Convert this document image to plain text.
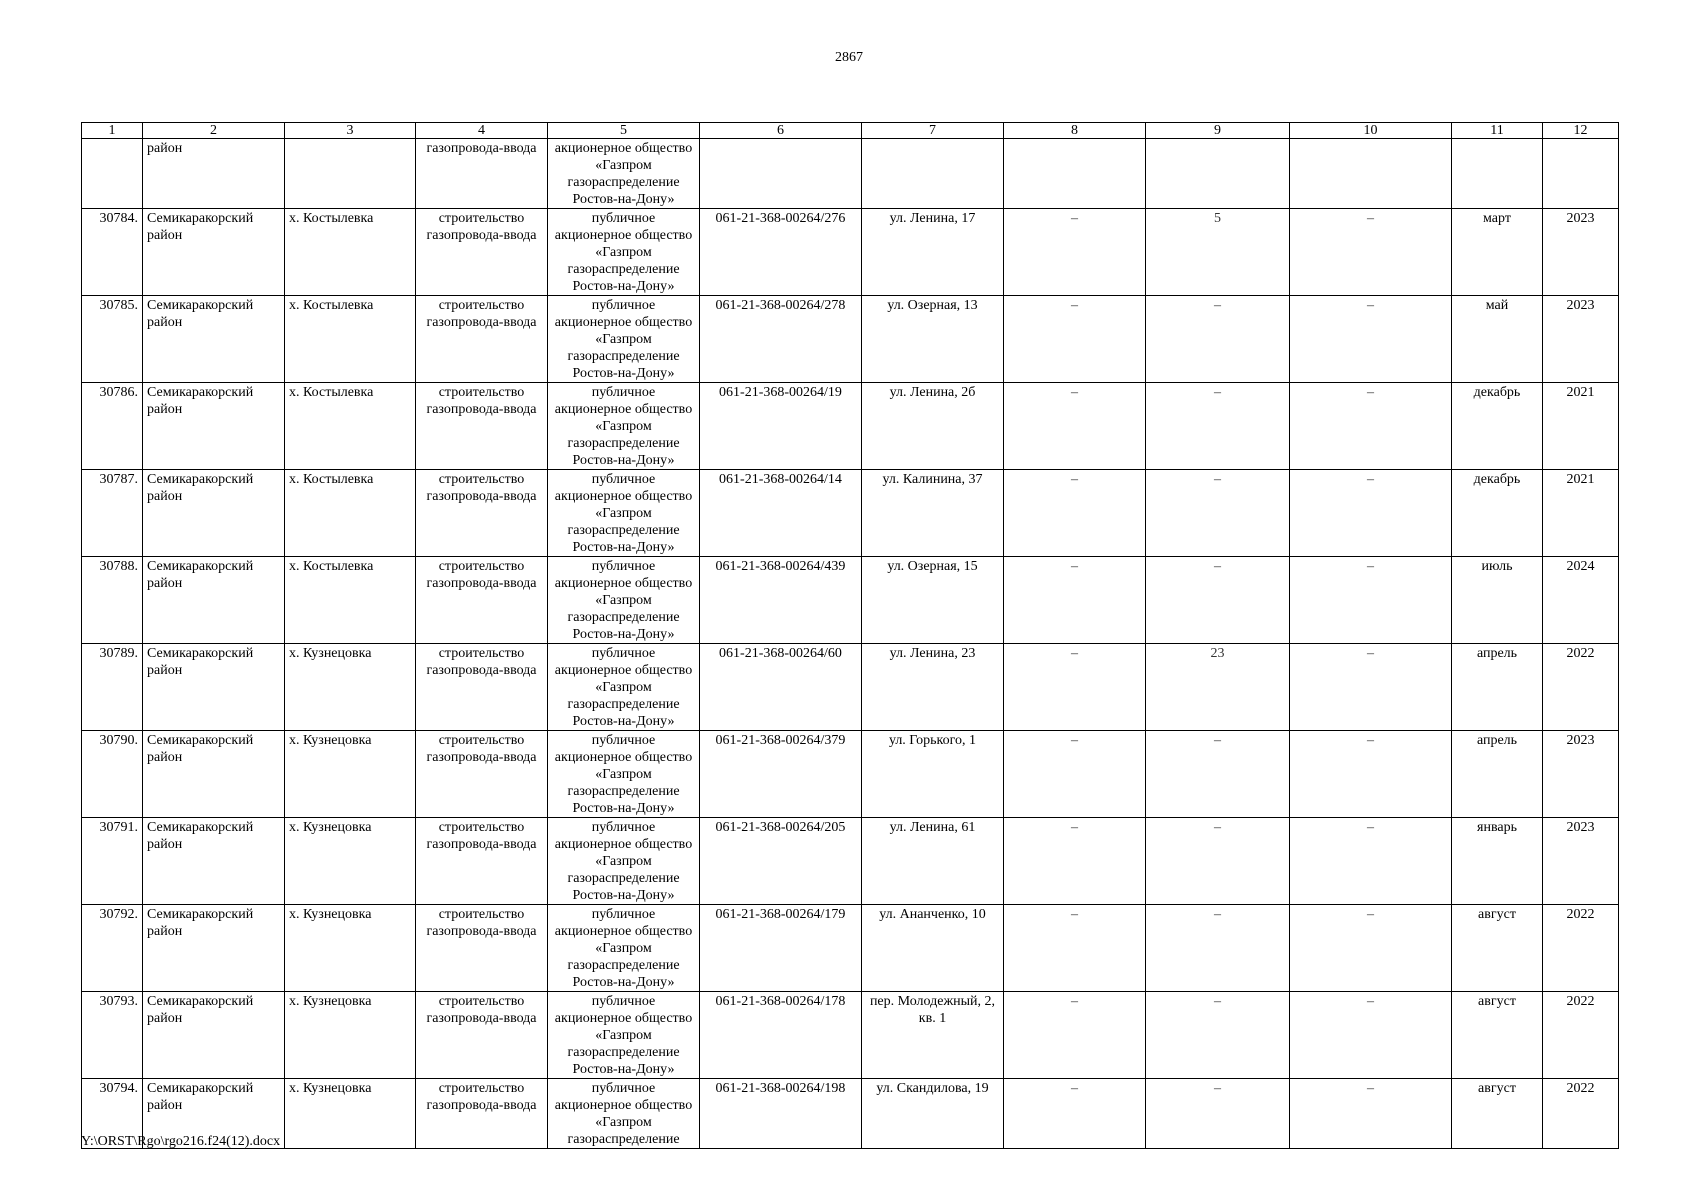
2867
1	2	3	4	5	6	7	8	9	10	11	12
	район		газопровода-ввода	акционерное общество «Газпром газораспределение Ростов-на-Дону»							
30784.	Семикаракорский район	х. Костылевка	строительство газопровода-ввода	публичное акционерное общество «Газпром газораспределение Ростов-на-Дону»	061-21-368-00264/276	ул. Ленина, 17	–	5	–	март	2023
30785.	Семикаракорский район	х. Костылевка	строительство газопровода-ввода	публичное акционерное общество «Газпром газораспределение Ростов-на-Дону»	061-21-368-00264/278	ул. Озерная, 13	–	–	–	май	2023
30786.	Семикаракорский район	х. Костылевка	строительство газопровода-ввода	публичное акционерное общество «Газпром газораспределение Ростов-на-Дону»	061-21-368-00264/19	ул. Ленина, 2б	–	–	–	декабрь	2021
30787.	Семикаракорский район	х. Костылевка	строительство газопровода-ввода	публичное акционерное общество «Газпром газораспределение Ростов-на-Дону»	061-21-368-00264/14	ул. Калинина, 37	–	–	–	декабрь	2021
30788.	Семикаракорский район	х. Костылевка	строительство газопровода-ввода	публичное акционерное общество «Газпром газораспределение Ростов-на-Дону»	061-21-368-00264/439	ул. Озерная, 15	–	–	–	июль	2024
30789.	Семикаракорский район	х. Кузнецовка	строительство газопровода-ввода	публичное акционерное общество «Газпром газораспределение Ростов-на-Дону»	061-21-368-00264/60	ул. Ленина, 23	–	23	–	апрель	2022
30790.	Семикаракорский район	х. Кузнецовка	строительство газопровода-ввода	публичное акционерное общество «Газпром газораспределение Ростов-на-Дону»	061-21-368-00264/379	ул. Горького, 1	–	–	–	апрель	2023
30791.	Семикаракорский район	х. Кузнецовка	строительство газопровода-ввода	публичное акционерное общество «Газпром газораспределение Ростов-на-Дону»	061-21-368-00264/205	ул. Ленина, 61	–	–	–	январь	2023
30792.	Семикаракорский район	х. Кузнецовка	строительство газопровода-ввода	публичное акционерное общество «Газпром газораспределение Ростов-на-Дону»	061-21-368-00264/179	ул. Ананченко, 10	–	–	–	август	2022
30793.	Семикаракорский район	х. Кузнецовка	строительство газопровода-ввода	публичное акционерное общество «Газпром газораспределение Ростов-на-Дону»	061-21-368-00264/178	пер. Молодежный, 2, кв. 1	–	–	–	август	2022
30794.	Семикаракорский район	х. Кузнецовка	строительство газопровода-ввода	публичное акционерное общество «Газпром газораспределение	061-21-368-00264/198	ул. Скандилова, 19	–	–	–	август	2022
Y:\ORST\Rgo\rgo216.f24(12).docx
